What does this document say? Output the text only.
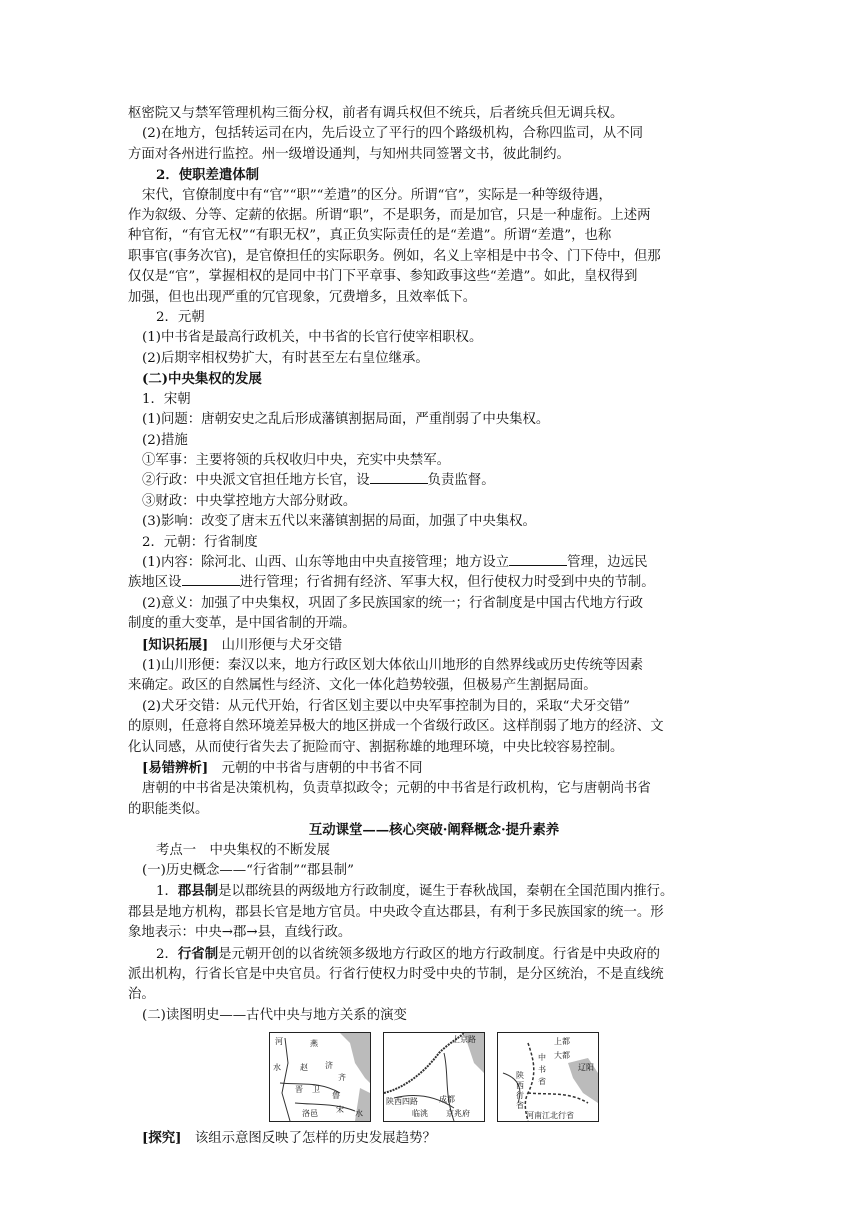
枢密院又与禁军管理机构三衙分权，前者有调兵权但不统兵，后者统兵但无调兵权。
(2)在地方，包括转运司在内，先后设立了平行的四个路级机构，合称四监司，从不同
方面对各州进行监控。州一级增设通判，与知州共同签署文书，彼此制约。
2．使职差遣体制
宋代，官僚制度中有“官”“职”“差遣”的区分。所谓“官”，实际是一种等级待遇，
作为叙级、分等、定薪的依据。所谓“职”，不是职务，而是加官，只是一种虚衔。上述两
种官衔，“有官无权”“有职无权”，真正负实际责任的是“差遣”。所谓“差遣”，也称
职事官(事务次官)，是官僚担任的实际职务。例如，名义上宰相是中书令、门下侍中，但那
仅仅是“官”，掌握相权的是同中书门下平章事、参知政事这些“差遣”。如此，皇权得到
加强，但也出现严重的冗官现象，冗费增多，且效率低下。
2．元朝
(1)中书省是最高行政机关，中书省的长官行使宰相职权。
(2)后期宰相权势扩大，有时甚至左右皇位继承。
(二)中央集权的发展
1．宋朝
(1)问题：唐朝安史之乱后形成藩镇割据局面，严重削弱了中央集权。
(2)措施
①军事：主要将领的兵权收归中央，充实中央禁军。
②行政：中央派文官担任地方长官，设	负责监督。
③财政：中央掌控地方大部分财政。
(3)影响：改变了唐末五代以来藩镇割据的局面，加强了中央集权。
2．元朝：行省制度
(1)内容：除河北、山西、山东等地由中央直接管理；地方设立	管理，边远民
族地区设	进行管理；行省拥有经济、军事大权，但行使权力时受到中央的节制。
(2)意义：加强了中央集权，巩固了多民族国家的统一；行省制度是中国古代地方行政
制度的重大变革，是中国省制的开端。
[知识拓展]　山川形便与犬牙交错
(1)山川形便：秦汉以来，地方行政区划大体依山川地形的自然界线或历史传统等因素
来确定。政区的自然属性与经济、文化一体化趋势较强，但极易产生割据局面。
(2)犬牙交错：从元代开始，行省区划主要以中央军事控制为目的，采取“犬牙交错”
的原则，任意将自然环境差异极大的地区拼成一个省级行政区。这样削弱了地方的经济、文
化认同感，从而使行省失去了扼险而守、割据称雄的地理环境，中央比较容易控制。
[易错辨析]　元朝的中书省与唐朝的中书省不同
唐朝的中书省是决策机构，负责草拟政令；元朝的中书省是行政机构，它与唐朝尚书省
的职能类似。
互动课堂——核心突破·阐释概念·提升素养
考点一　中央集权的不断发展
(一)历史概念——“行省制”“郡县制”
1．郡县制是以郡统县的两级地方行政制度，诞生于春秋战国，秦朝在全国范围内推行。
郡县是地方机构，郡县长官是地方官员。中央政令直达郡县，有利于多民族国家的统一。形
象地表示：中央→郡→县，直线行政。
2．行省制是元朝开创的以省统领多级地方行政区的地方行政制度。行省是中央政府的
派出机构，行省长官是中央官员。行省行使权力时受中央的节制，是分区统治，不是直线统
治。
(二)读图明史——古代中央与地方关系的演变
河	燕
水 赵 济
齐
晋 卫
鲁
宋
洛邑	水
上京路
陕西四路	成都
临洮 京兆府
上都
中
书
省
大都
辽阳
陕
西
行
省
河南江北行省
[探究]　该组示意图反映了怎样的历史发展趋势？
